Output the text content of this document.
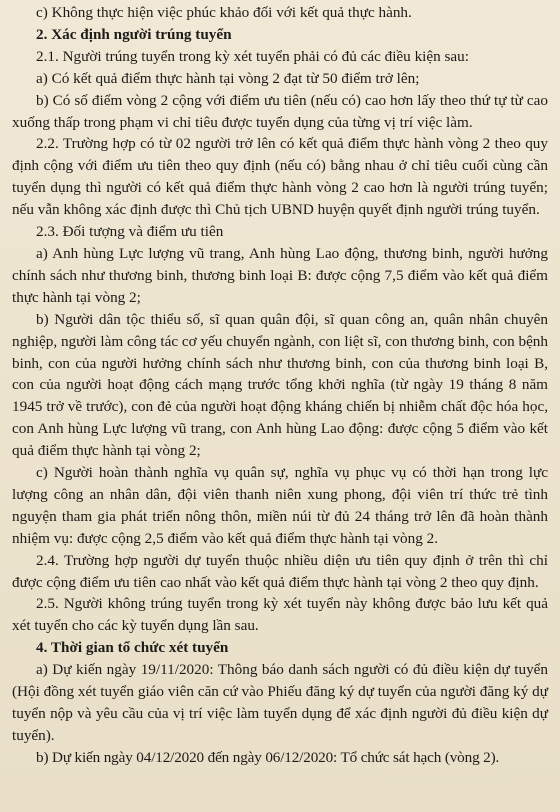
c) Không thực hiện việc phúc khảo đối với kết quả thực hành.

2. Xác định người trúng tuyển

2.1. Người trúng tuyển trong kỳ xét tuyển phải có đủ các điều kiện sau:

a) Có kết quả điểm thực hành tại vòng 2 đạt từ 50 điểm trở lên;

b) Có số điểm vòng 2 cộng với điểm ưu tiên (nếu có) cao hơn lấy theo thứ tự từ cao xuống thấp trong phạm vi chỉ tiêu được tuyển dụng của từng vị trí việc làm.

2.2. Trường hợp có từ 02 người trở lên có kết quả điểm thực hành vòng 2 theo quy định cộng với điểm ưu tiên theo quy định (nếu có) bằng nhau ở chỉ tiêu cuối cùng cần tuyển dụng thì người có kết quả điểm thực hành vòng 2 cao hơn là người trúng tuyển; nếu vẫn không xác định được thì Chủ tịch UBND huyện quyết định người trúng tuyển.

2.3. Đối tượng và điểm ưu tiên

a) Anh hùng Lực lượng vũ trang, Anh hùng Lao động, thương binh, người hưởng chính sách như thương binh, thương binh loại B: được cộng 7,5 điểm vào kết quả điểm thực hành tại vòng 2;

b) Người dân tộc thiểu số, sĩ quan quân đội, sĩ quan công an, quân nhân chuyên nghiệp, người làm công tác cơ yếu chuyển ngành, con liệt sĩ, con thương binh, con bệnh binh, con của người hưởng chính sách như thương binh, con của thương binh loại B, con của người hoạt động cách mạng trước tổng khởi nghĩa (từ ngày 19 tháng 8 năm 1945 trở về trước), con đẻ của người hoạt động kháng chiến bị nhiễm chất độc hóa học, con Anh hùng Lực lượng vũ trang, con Anh hùng Lao động: được cộng 5 điểm vào kết quả điểm thực hành tại vòng 2;

c) Người hoàn thành nghĩa vụ quân sự, nghĩa vụ phục vụ có thời hạn trong lực lượng công an nhân dân, đội viên thanh niên xung phong, đội viên trí thức trẻ tình nguyện tham gia phát triển nông thôn, miền núi từ đủ 24 tháng trở lên đã hoàn thành nhiệm vụ: được cộng 2,5 điểm vào kết quả điểm thực hành tại vòng 2.

2.4. Trường hợp người dự tuyển thuộc nhiều diện ưu tiên quy định ở trên thì chỉ được cộng điểm ưu tiên cao nhất vào kết quả điểm thực hành tại vòng 2 theo quy định.

2.5. Người không trúng tuyển trong kỳ xét tuyển này không được bảo lưu kết quả xét tuyển cho các kỳ tuyển dụng lần sau.

4. Thời gian tổ chức xét tuyển

a) Dự kiến ngày 19/11/2020: Thông báo danh sách người có đủ điều kiện dự tuyển (Hội đồng xét tuyển giáo viên căn cứ vào Phiếu đăng ký dự tuyển của người đăng ký dự tuyển nộp và yêu cầu của vị trí việc làm tuyển dụng để xác định người đủ điều kiện dự tuyển).

b) Dự kiến ngày 04/12/2020 đến ngày 06/12/2020: Tổ chức sát hạch (vòng 2).
